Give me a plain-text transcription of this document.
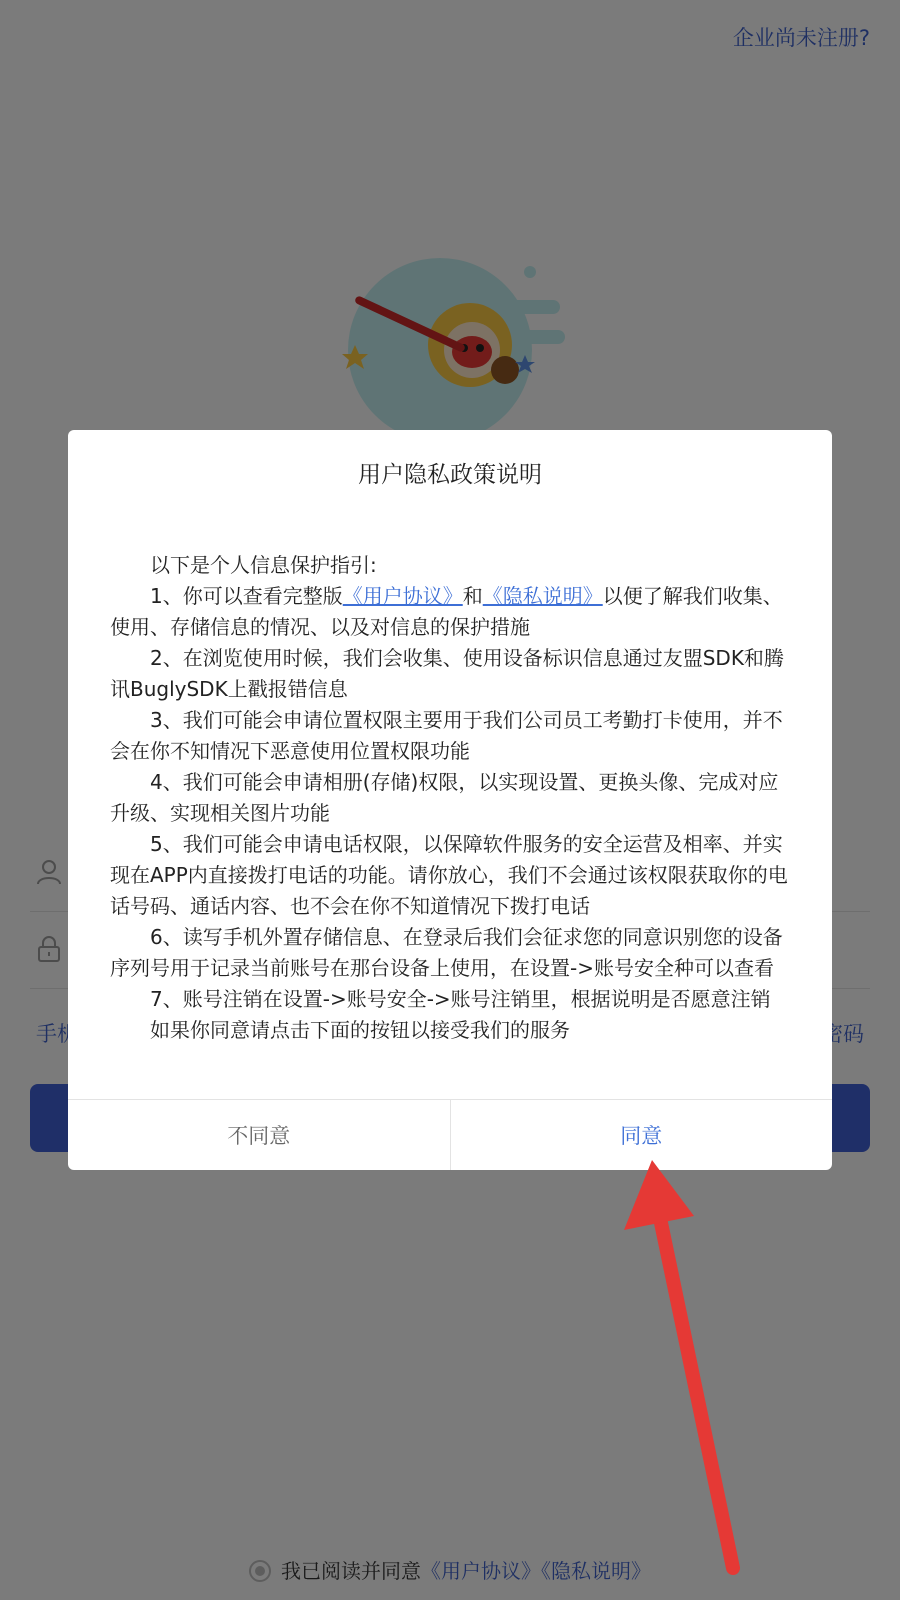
用户隐私政策说明

以下是个人信息保护指引:

1、你可以查看完整版《用户协议》和《隐私说明》以便了解我们收集、使用、存储信息的情况、以及对信息的保护措施

2、在浏览使用时候，我们会收集、使用设备标识信息通过友盟SDK和腾讯BuglySDK上戳报错信息

3、我们可能会申请位置权限主要用于我们公司员工考勤打卡使用，并不会在你不知情况下恶意使用位置权限功能

4、我们可能会申请相册(存储)权限，以实现设置、更换头像、完成对应升级、实现相关图片功能

5、我们可能会申请电话权限，以保障软件服务的安全运营及相率、并实现在APP内直接拨打电话的功能。请你放心，我们不会通过该权限获取你的电话号码、通话内容、也不会在你不知道情况下拨打电话

6、读写手机外置存储信息、在登录后我们会征求您的同意识别您的设备序列号用于记录当前账号在那台设备上使用，在设置->账号安全种可以查看

7、账号注销在设置->账号安全->账号注销里，根据说明是否愿意注销

如果你同意请点击下面的按钮以接受我们的服务

不同意	同意
